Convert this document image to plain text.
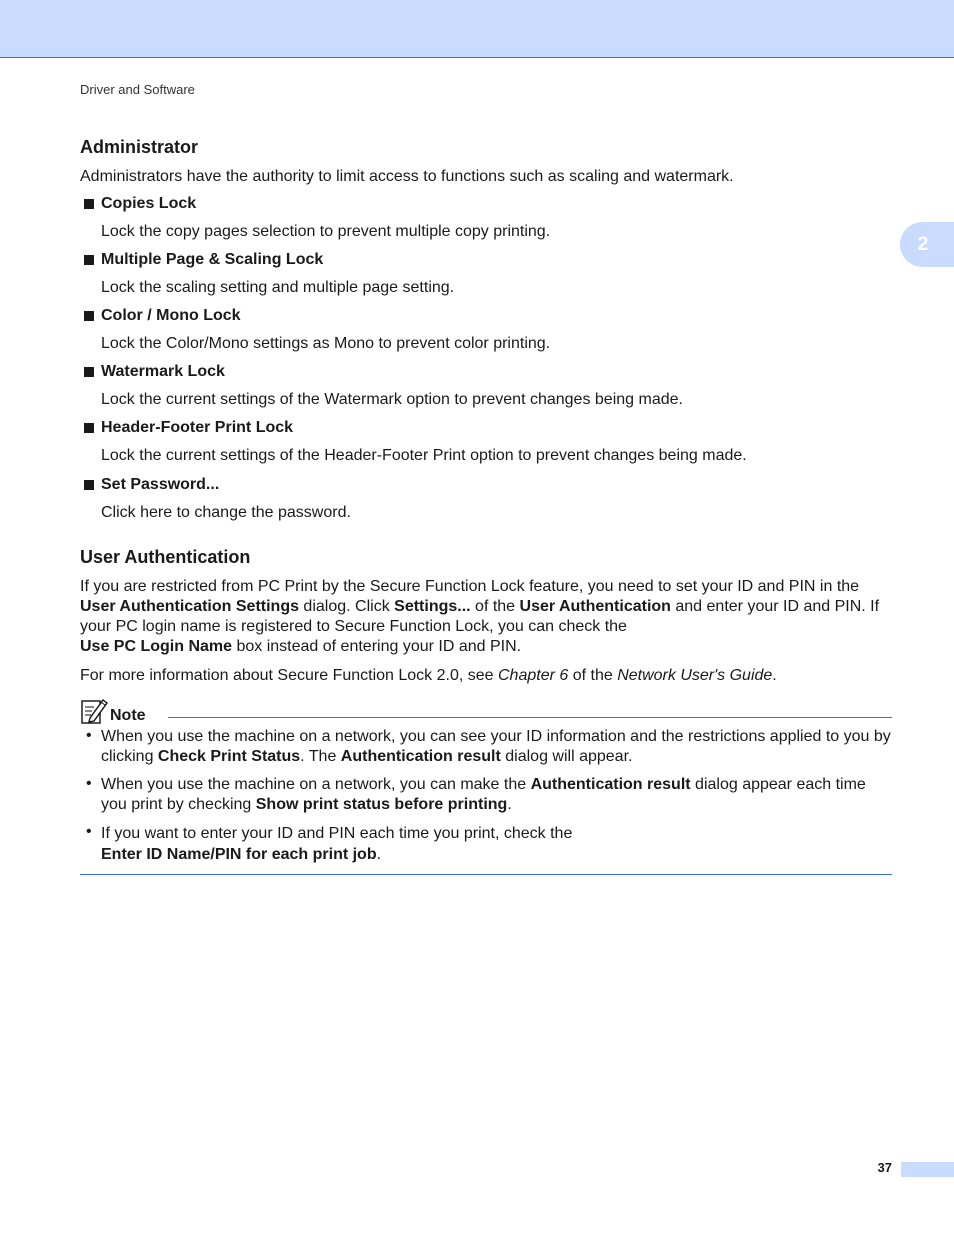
Driver and Software
2
Administrator
Administrators have the authority to limit access to functions such as scaling and watermark.
Copies Lock
Lock the copy pages selection to prevent multiple copy printing.
Multiple Page & Scaling Lock
Lock the scaling setting and multiple page setting.
Color / Mono Lock
Lock the Color/Mono settings as Mono to prevent color printing.
Watermark Lock
Lock the current settings of the Watermark option to prevent changes being made.
Header-Footer Print Lock
Lock the current settings of the Header-Footer Print option to prevent changes being made.
Set Password...
Click here to change the password.
User Authentication
If you are restricted from PC Print by the Secure Function Lock feature, you need to set your ID and PIN in the User Authentication Settings dialog. Click Settings... of the User Authentication and enter your ID and PIN. If your PC login name is registered to Secure Function Lock, you can check the
Use PC Login Name box instead of entering your ID and PIN.
For more information about Secure Function Lock 2.0, see Chapter 6 of the Network User's Guide.
Note
• When you use the machine on a network, you can see your ID information and the restrictions applied to you by clicking Check Print Status. The Authentication result dialog will appear.
• When you use the machine on a network, you can make the Authentication result dialog appear each time you print by checking Show print status before printing.
• If you want to enter your ID and PIN each time you print, check the
Enter ID Name/PIN for each print job.
37
